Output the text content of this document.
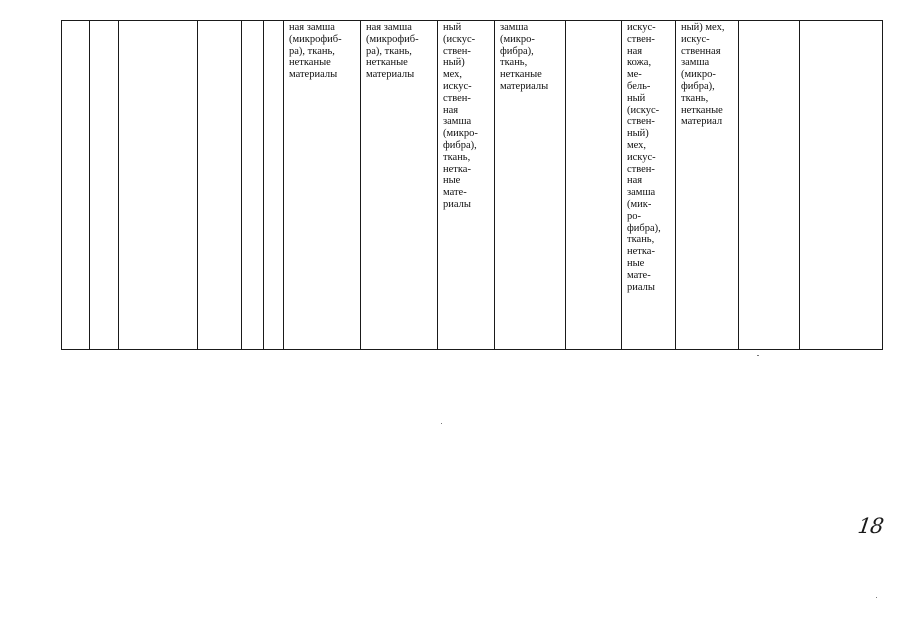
						ная замша
(микрофиб-
ра), ткань,
нетканые
материалы	ная замша
(микрофиб-
ра), ткань,
нетканые
материалы	ный
(искус-
ствен-
ный)
мех,
искус-
ствен-
ная
замша
(микро-
фибра),
ткань,
нетка-
ные
мате-
риалы	замша
(микро-
фибра),
ткань,
нетканые
материалы		искус-
ствен-
ная
кожа,
ме-
бель-
ный
(искус-
ствен-
ный)
мех,
искус-
ствен-
ная
замша
(мик-
ро-
фибра),
ткань,
нетка-
ные
мате-
риалы	ный) мех,
искус-
ственная
замша
(микро-
фибра),
ткань,
нетканые
материал		
18
